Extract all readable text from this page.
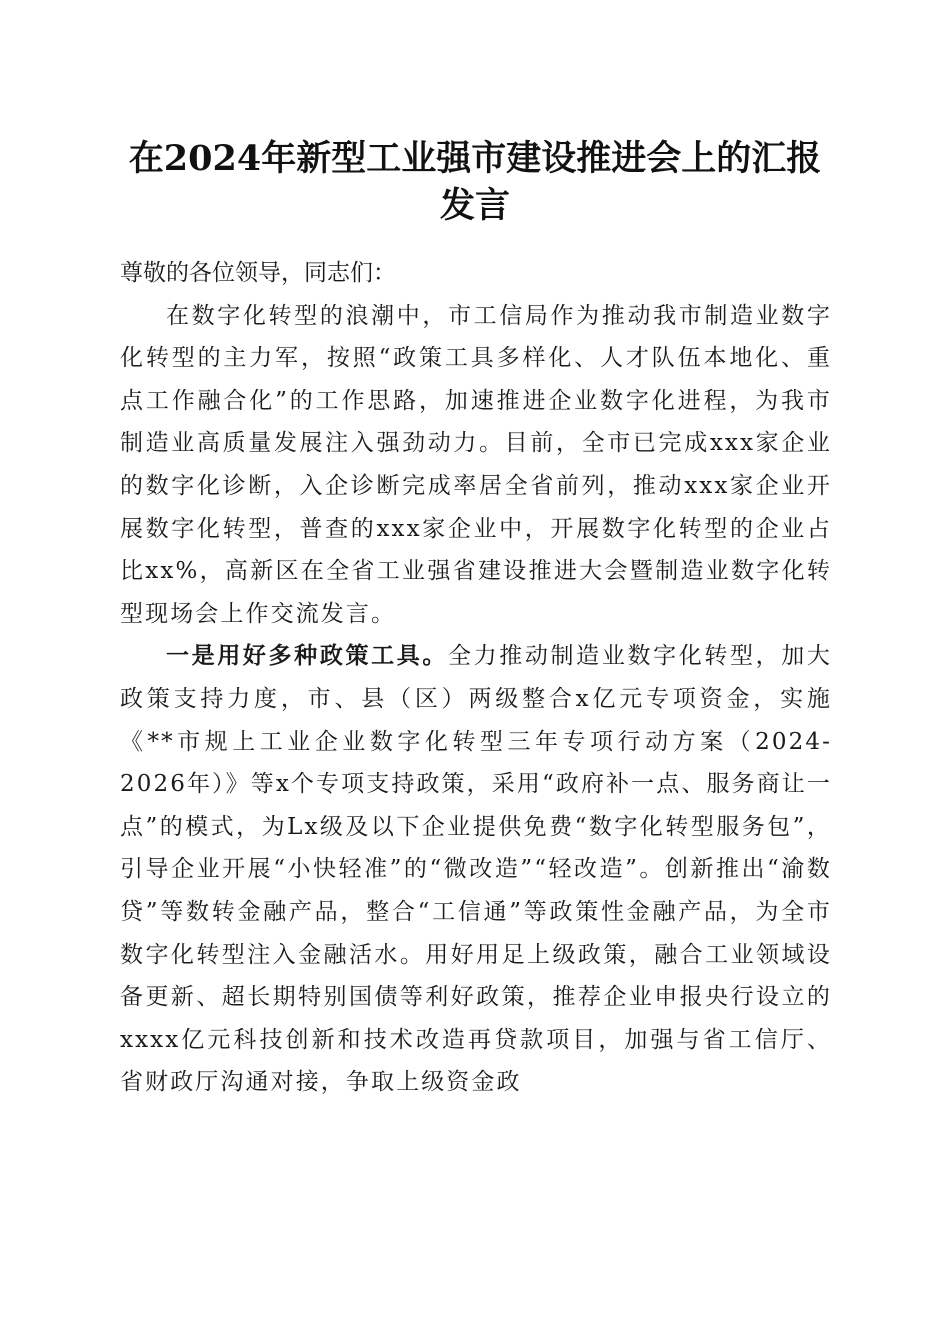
在2024年新型工业强市建设推进会上的汇报发言

尊敬的各位领导，同志们：

在数字化转型的浪潮中，市工信局作为推动我市制造业数字化转型的主力军，按照“政策工具多样化、人才队伍本地化、重点工作融合化”的工作思路，加速推进企业数字化进程，为我市制造业高质量发展注入强劲动力。目前，全市已完成xxx家企业的数字化诊断，入企诊断完成率居全省前列，推动xxx家企业开展数字化转型，普查的xxx家企业中，开展数字化转型的企业占比xx%，高新区在全省工业强省建设推进大会暨制造业数字化转型现场会上作交流发言。

一是用好多种政策工具。全力推动制造业数字化转型，加大政策支持力度，市、县（区）两级整合x亿元专项资金，实施《**市规上工业企业数字化转型三年专项行动方案（2024-2026年）》等x个专项支持政策，采用“政府补一点、服务商让一点”的模式，为Lx级及以下企业提供免费“数字化转型服务包”，引导企业开展“小快轻准”的“微改造”“轻改造”。创新推出“渝数贷”等数转金融产品，整合“工信通”等政策性金融产品，为全市数字化转型注入金融活水。用好用足上级政策，融合工业领域设备更新、超长期特别国债等利好政策，推荐企业申报央行设立的xxxx亿元科技创新和技术改造再贷款项目，加强与省工信厅、省财政厅沟通对接，争取上级资金政
